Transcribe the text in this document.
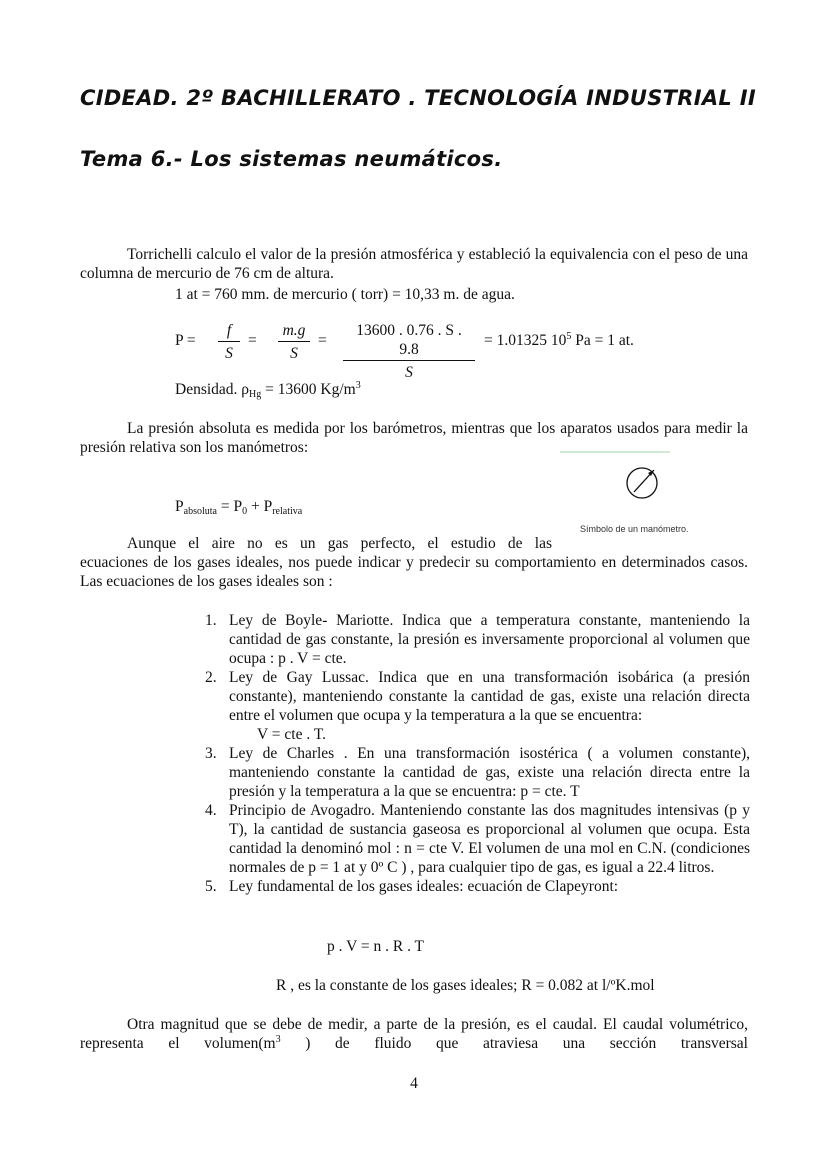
CIDEAD. 2º BACHILLERATO . TECNOLOGÍA INDUSTRIAL II
Tema 6.- Los sistemas neumáticos.
Torrichelli calculo el valor de la presión atmosférica y estableció la equivalencia con el peso de una columna de mercurio de 76 cm de altura.
1 at = 760 mm. de mercurio ( torr) = 10,33 m. de agua.
$P = \frac{f}{S} = \frac{m.g}{S} = \frac{13600 . 0.76 . S . 9.8}{S} = 1.01325$ $10^5$ Pa = 1 at.
Densidad. ρHg = 13600 $Kg/m^3$
La presión absoluta es medida por los barómetros, mientras que los aparatos usados para medir la presión relativa son los manómetros:
Pabsoluta = P0 + Prelativa
Símbolo de un manómetro.
Aunque el aire no es un gas perfecto, el estudio de las
ecuaciones de los gases ideales, nos puede indicar y predecir su comportamiento en determinados casos. Las ecuaciones de los gases ideales son :
1. Ley de Boyle- Mariotte. Indica que a temperatura constante, manteniendo la cantidad de gas constante, la presión es inversamente proporcional al volumen que ocupa : p . V = cte.
2. Ley de Gay Lussac. Indica que en una transformación isobárica (a presión constante), manteniendo constante la cantidad de gas, existe una relación directa entre el volumen que ocupa y la temperatura a la que se encuentra:
V = cte . T.
3. Ley de Charles . En una transformación isostérica ( a volumen constante), manteniendo constante la cantidad de gas, existe una relación directa entre la presión y la temperatura a la que se encuentra: p = cte. T
4. Principio de Avogadro. Manteniendo constante las dos magnitudes intensivas (p y T), la cantidad de sustancia gaseosa es proporcional al volumen que ocupa. Esta cantidad la denominó mol : n = cte V. El volumen de una mol en C.N. (condiciones normales de p = 1 at y 0º C ) , para cualquier tipo de gas, es igual a 22.4 litros.
5. Ley fundamental de los gases ideales: ecuación de Clapeyront:
p . V = n . R . T
R , es la constante de los gases ideales; R = 0.082 at l/ºK.mol
Otra magnitud que se debe de medir, a parte de la presión, es el caudal. El caudal volumétrico, representa el $volumen(m^3$ ) de fluido que atraviesa una sección transversal
4
